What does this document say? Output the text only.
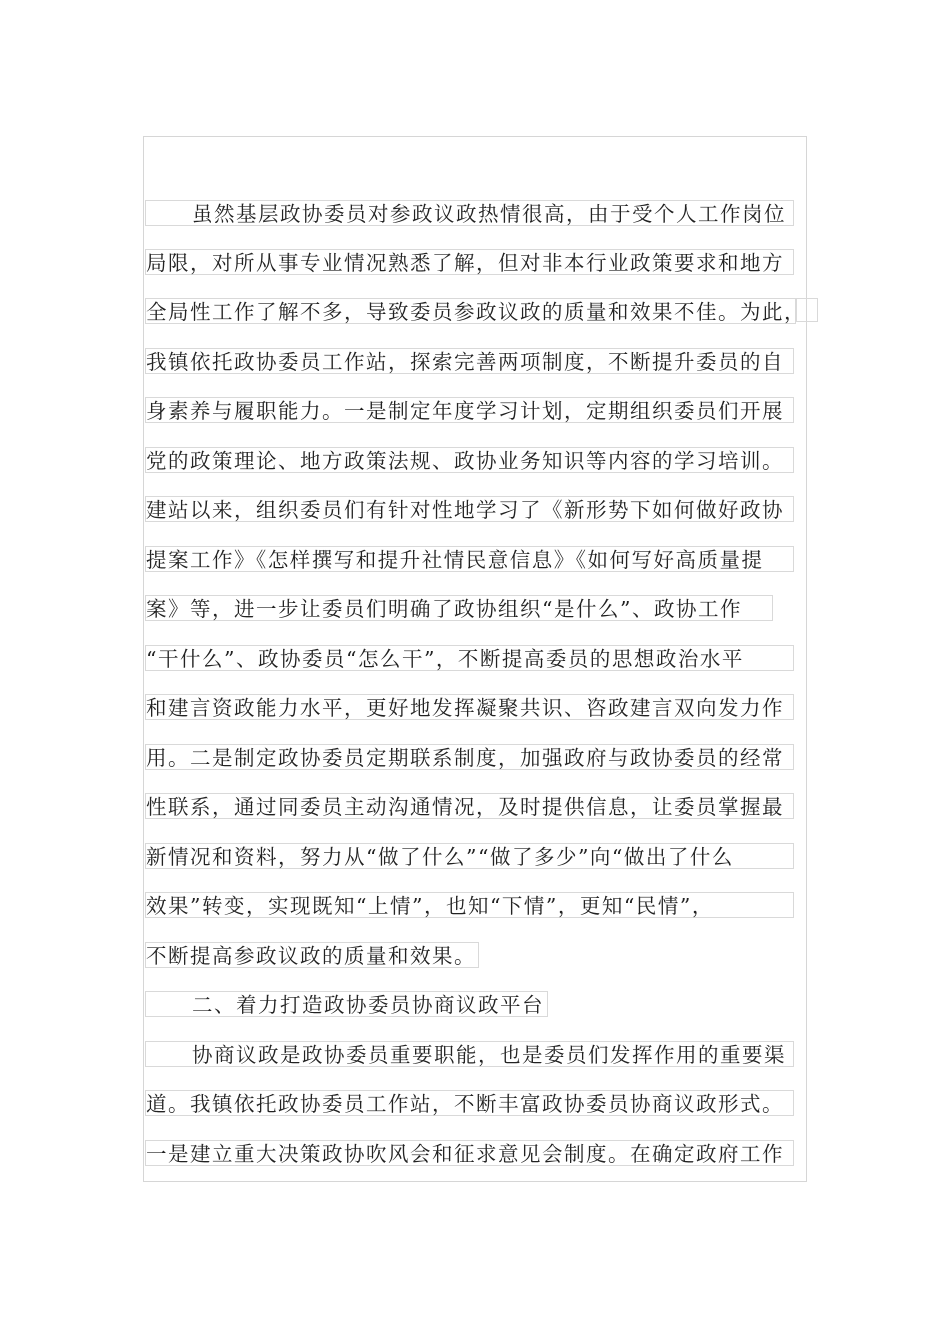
虽然基层政协委员对参政议政热情很高，由于受个人工作岗位
局限，对所从事专业情况熟悉了解，但对非本行业政策要求和地方
全局性工作了解不多，导致委员参政议政的质量和效果不佳。为此，
我镇依托政协委员工作站，探索完善两项制度，不断提升委员的自
身素养与履职能力。一是制定年度学习计划，定期组织委员们开展
党的政策理论、地方政策法规、政协业务知识等内容的学习培训。
建站以来，组织委员们有针对性地学习了《新形势下如何做好政协
提案工作》《怎样撰写和提升社情民意信息》《如何写好高质量提
案》等，进一步让委员们明确了政协组织“是什么”、政协工作
“干什么”、政协委员“怎么干”，不断提高委员的思想政治水平
和建言资政能力水平，更好地发挥凝聚共识、咨政建言双向发力作
用。二是制定政协委员定期联系制度，加强政府与政协委员的经常
性联系，通过同委员主动沟通情况，及时提供信息，让委员掌握最
新情况和资料，努力从“做了什么”“做了多少”向“做出了什么
效果”转变，实现既知“上情”，也知“下情”，更知“民情”，
不断提高参政议政的质量和效果。
二、着力打造政协委员协商议政平台
协商议政是政协委员重要职能，也是委员们发挥作用的重要渠
道。我镇依托政协委员工作站，不断丰富政协委员协商议政形式。
一是建立重大决策政协吹风会和征求意见会制度。在确定政府工作
